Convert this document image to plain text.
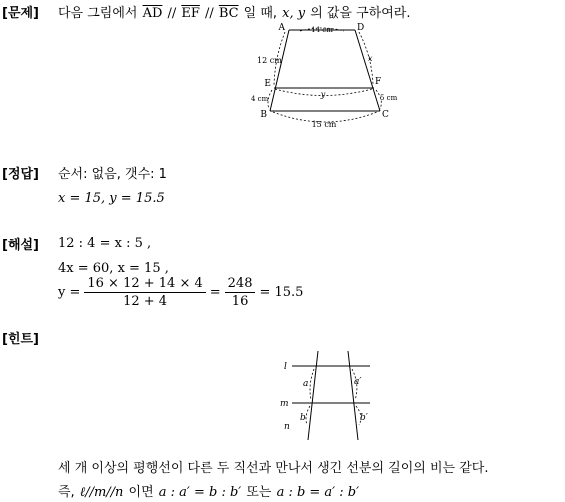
[문제] 다음 그림에서 $\overline{AD} // \overline{EF} // \overline{BC}$ 일 때, x, y 의 값을 구하여라.
A	D
E	F
B	C
14 cm
12 cm
4 cm	y
x
5 cm
15 cm
[정답] 순서: 없음, 갯수: 1
x = 15, y = 15.5
[해설] 12 : 4 = x : 5 ,
4x = 60, x = 15 ,
$y = \frac{16 \times 12 + 14 \times 4}{12 + 4} = \frac{248}{16} = 15.5$
[힌트]
l
m
n
a	a′
b	b′
세 개 이상의 평행선이 다른 두 직선과 만나서 생긴 선분의 길이의 비는 같다.
즉, ℓ//m//n 이면 a : a′ = b : b′ 또는 a : b = a′ : b′
